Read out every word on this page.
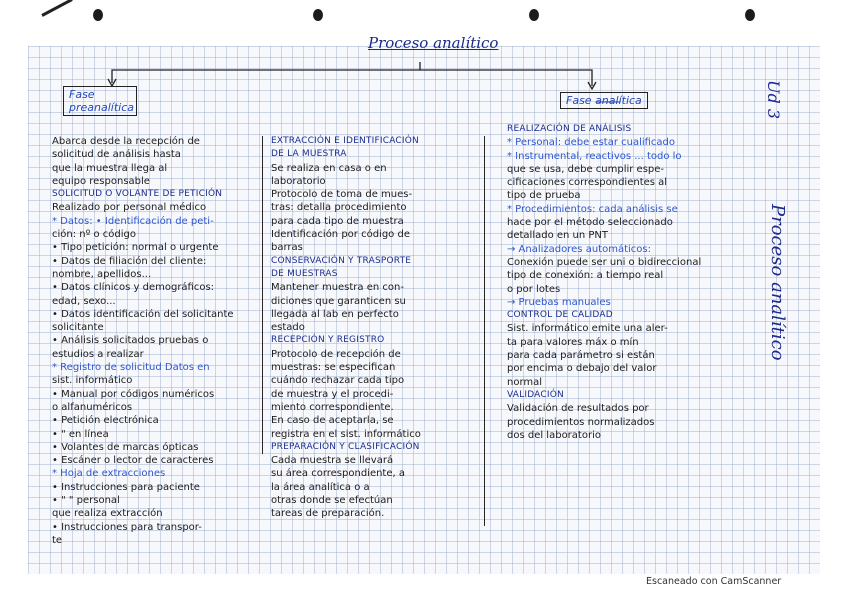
Proceso analítico
Fase preanalítica
Fase analítica	Ud 3
Proceso analítico
Abarca desde la recepción de
solicitud de análisis hasta
que la muestra llega al
equipo responsable
SOLICITUD O VOLANTE DE PETICIÓN
Realizado por personal médico
* Datos: • Identificación de peti-
ción: nº o código
• Tipo petición: normal o urgente
• Datos de filiación del cliente:
nombre, apellidos...
• Datos clínicos y demográficos:
edad, sexo...
• Datos identificación del solicitante
solicitante
• Análisis solicitados pruebas o
estudios a realizar
* Registro de solicitud Datos en
sist. informático
• Manual por códigos numéricos
o alfanuméricos
• Petición electrónica
• " en línea
• Volantes de marcas ópticas
• Escáner o lector de caracteres
* Hoja de extracciones
• Instrucciones para paciente
• " " personal
que realiza extracción
• Instrucciones para transpor-
te
EXTRACCIÓN E IDENTIFICACIÓN
DE LA MUESTRA
Se realiza en casa o en
laboratorio
Protocolo de toma de mues-
tras: detalla procedimiento
para cada tipo de muestra
Identificación por código de
barras
CONSERVACIÓN Y TRASPORTE
DE MUESTRAS
Mantener muestra en con-
diciones que garanticen su
llegada al lab en perfecto
estado
RECEPCIÓN Y REGISTRO
Protocolo de recepción de
muestras: se especifican
cuándo rechazar cada tipo
de muestra y el procedi-
miento correspondiente.
En caso de aceptarla, se
registra en el sist. informático
PREPARACIÓN Y CLASIFICACIÓN
Cada muestra se llevará
su área correspondiente, a
la área analítica o a
otras donde se efectúan
tareas de preparación.
REALIZACIÓN DE ANÁLISIS
* Personal: debe estar cualificado
* Instrumental, reactivos ... todo lo
que se usa, debe cumplir espe-
cificaciones correspondientes al
tipo de prueba
* Procedimientos: cada análisis se
hace por el método seleccionado
detallado en un PNT
→ Analizadores automáticos:
Conexión puede ser uni o bidireccional
tipo de conexión: a tiempo real
o por lotes
→ Pruebas manuales
CONTROL DE CALIDAD
Sist. informático emite una aler-
ta para valores máx o mín
para cada parámetro si están
por encima o debajo del valor
normal
VALIDACIÓN
Validación de resultados por
procedimientos normalizados
dos del laboratorio
Escaneado con CamScanner
